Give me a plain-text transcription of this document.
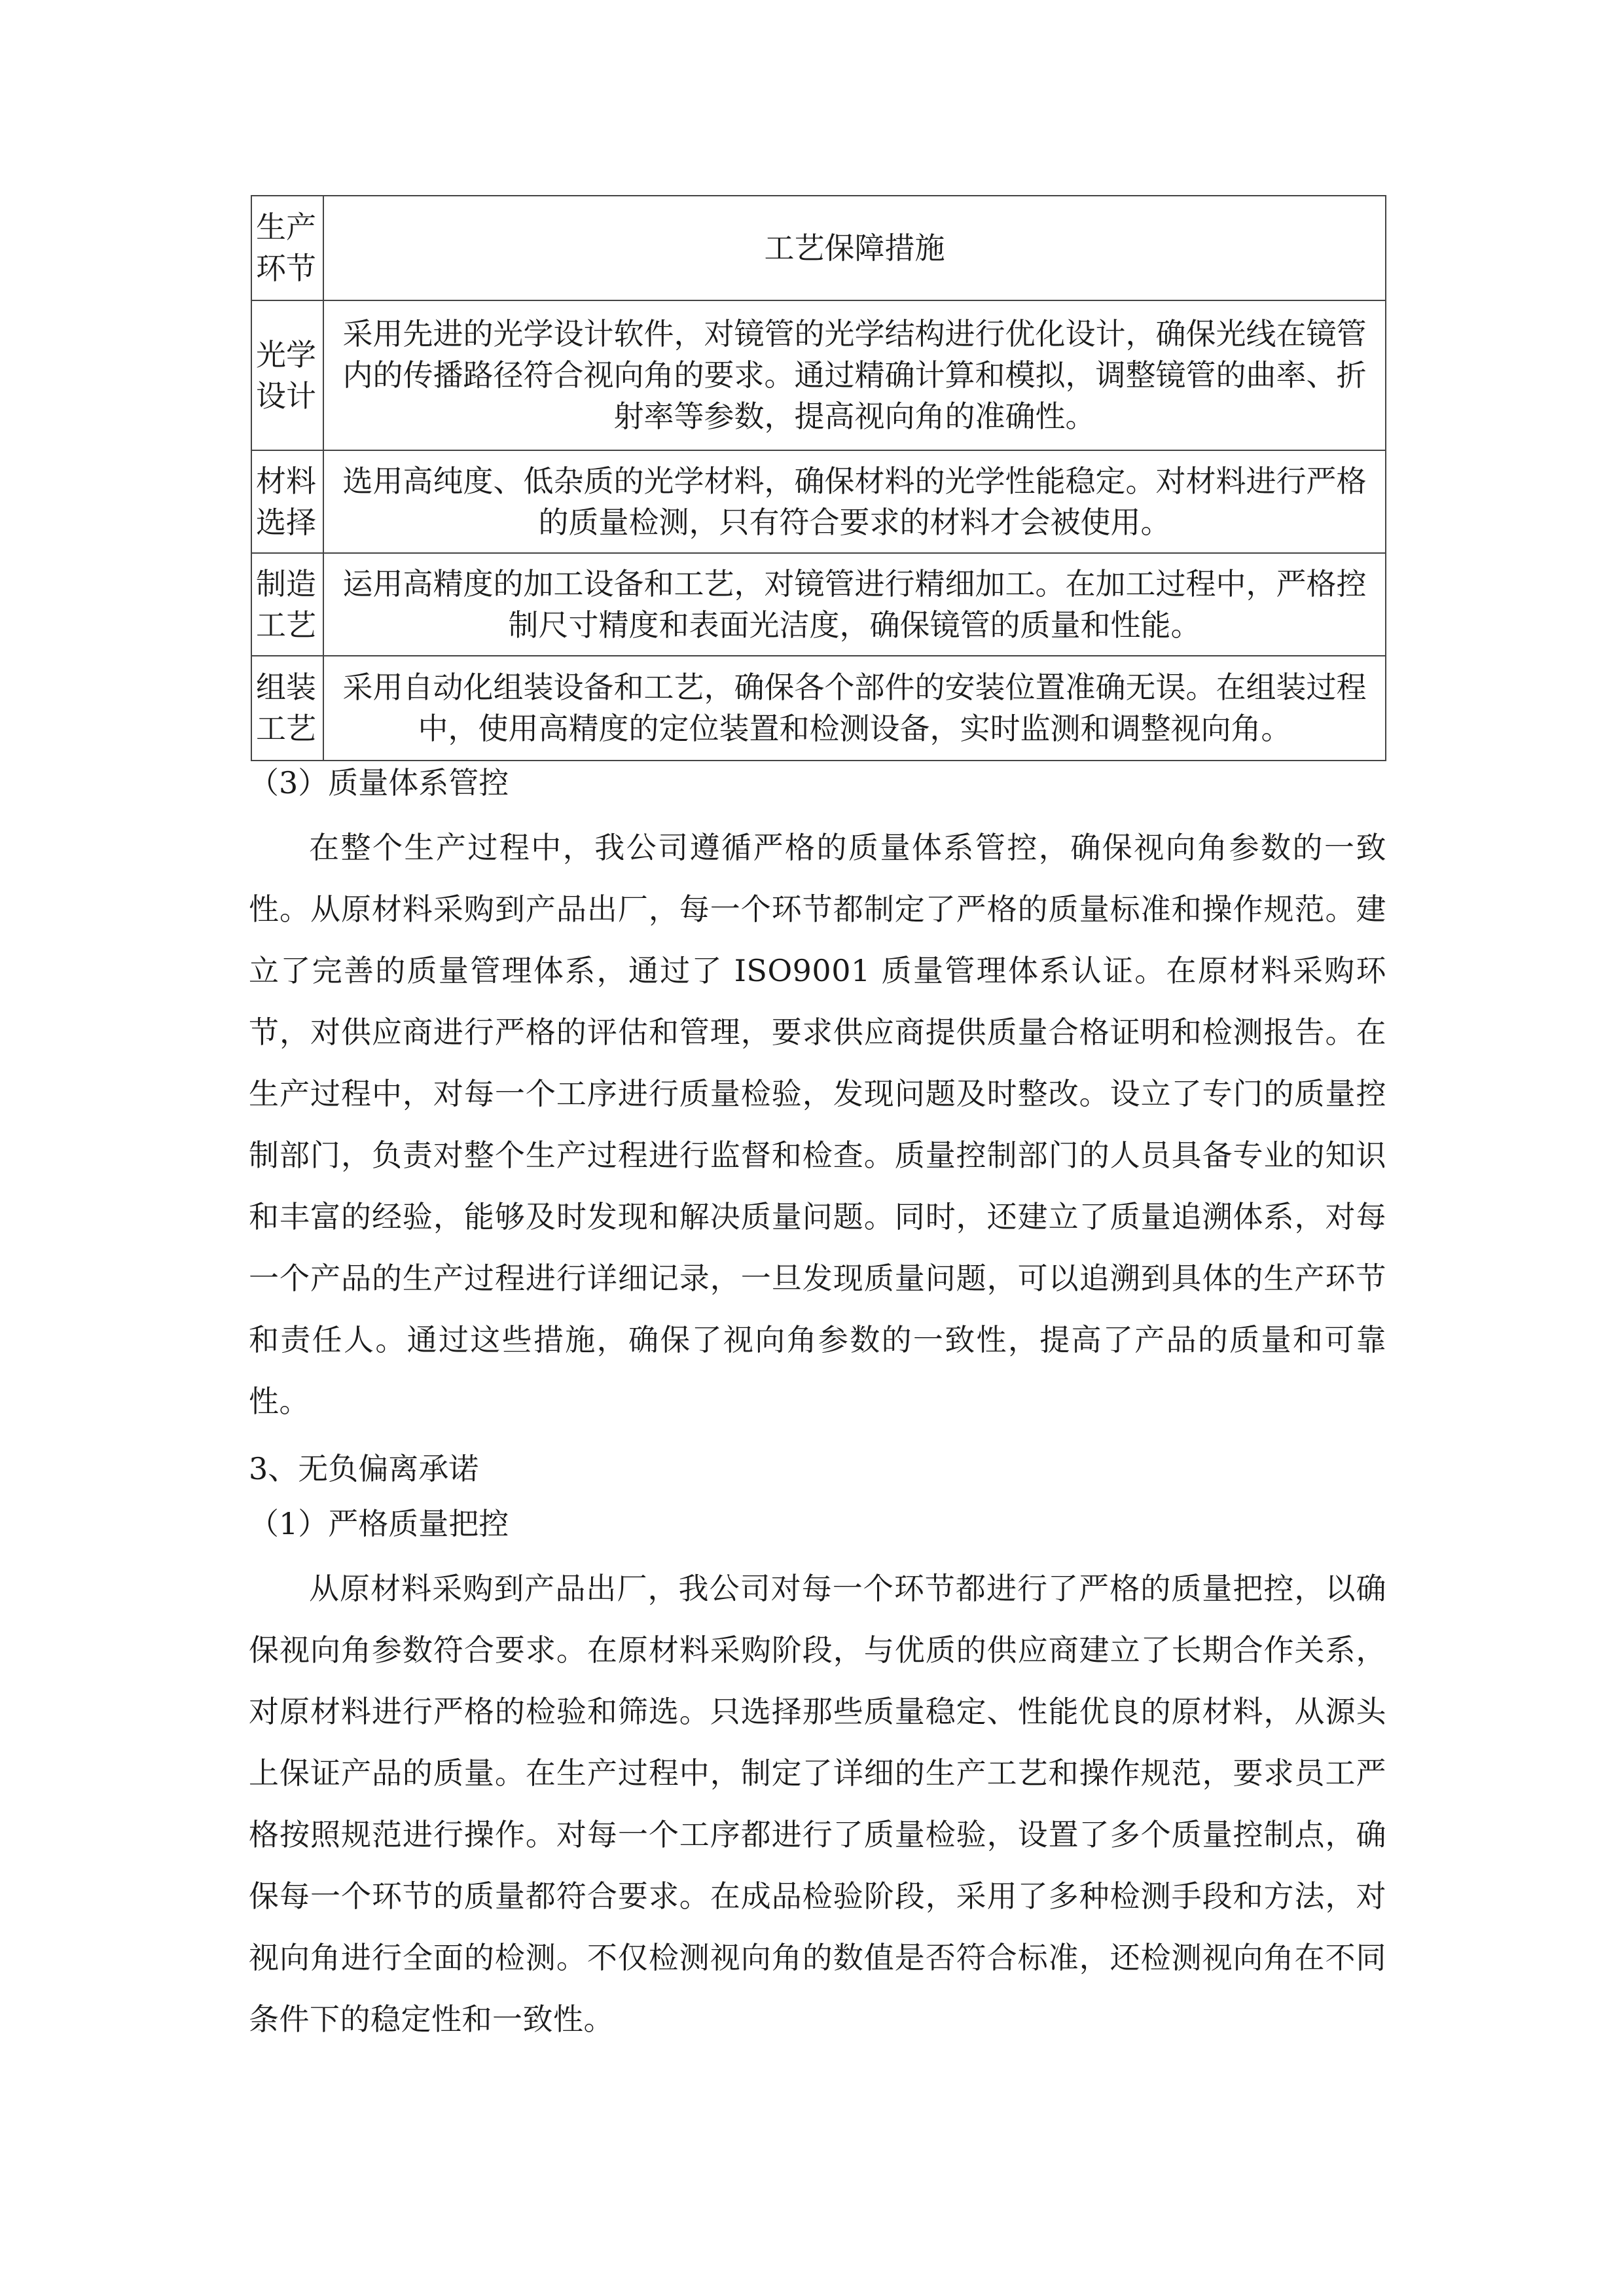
生产环节	工艺保障措施
光学设计	采用先进的光学设计软件，对镜管的光学结构进行优化设计，确保光线在镜管内的传播路径符合视向角的要求。通过精确计算和模拟，调整镜管的曲率、折射率等参数，提高视向角的准确性。
材料选择	选用高纯度、低杂质的光学材料，确保材料的光学性能稳定。对材料进行严格的质量检测，只有符合要求的材料才会被使用。
制造工艺	运用高精度的加工设备和工艺，对镜管进行精细加工。在加工过程中，严格控制尺寸精度和表面光洁度，确保镜管的质量和性能。
组装工艺	采用自动化组装设备和工艺，确保各个部件的安装位置准确无误。在组装过程中，使用高精度的定位装置和检测设备，实时监测和调整视向角。

（3）质量体系管控

在整个生产过程中，我公司遵循严格的质量体系管控，确保视向角参数的一致性。从原材料采购到产品出厂，每一个环节都制定了严格的质量标准和操作规范。建立了完善的质量管理体系，通过了 ISO9001 质量管理体系认证。在原材料采购环节，对供应商进行严格的评估和管理，要求供应商提供质量合格证明和检测报告。在生产过程中，对每一个工序进行质量检验，发现问题及时整改。设立了专门的质量控制部门，负责对整个生产过程进行监督和检查。质量控制部门的人员具备专业的知识和丰富的经验，能够及时发现和解决质量问题。同时，还建立了质量追溯体系，对每一个产品的生产过程进行详细记录，一旦发现质量问题，可以追溯到具体的生产环节和责任人。通过这些措施，确保了视向角参数的一致性，提高了产品的质量和可靠性。

3、无负偏离承诺

（1）严格质量把控

从原材料采购到产品出厂，我公司对每一个环节都进行了严格的质量把控，以确保视向角参数符合要求。在原材料采购阶段，与优质的供应商建立了长期合作关系，对原材料进行严格的检验和筛选。只选择那些质量稳定、性能优良的原材料，从源头上保证产品的质量。在生产过程中，制定了详细的生产工艺和操作规范，要求员工严格按照规范进行操作。对每一个工序都进行了质量检验，设置了多个质量控制点，确保每一个环节的质量都符合要求。在成品检验阶段，采用了多种检测手段和方法，对视向角进行全面的检测。不仅检测视向角的数值是否符合标准，还检测视向角在不同条件下的稳定性和一致性。
